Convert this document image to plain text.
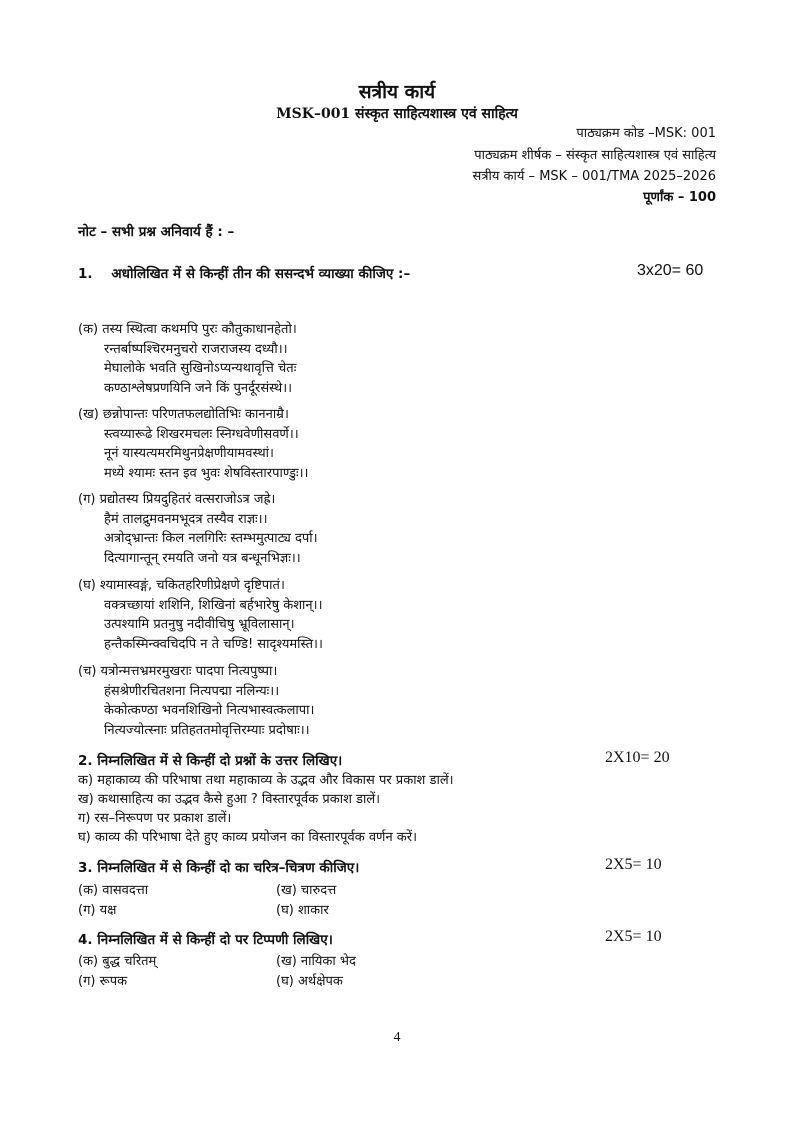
सत्रीय कार्य
MSK–001 संस्कृत साहित्यशास्त्र एवं साहित्य
पाठ्यक्रम कोड –MSK: 001
पाठ्यक्रम शीर्षक – संस्कृत साहित्यशास्त्र एवं साहित्य
सत्रीय कार्य – MSK – 001/TMA 2025–2026
पूर्णांक – 100
नोट – सभी प्रश्न अनिवार्य हैं : –
1. अधोलिखित में से किन्हीं तीन की ससन्दर्भ व्याख्या कीजिए :–	3x20= 60
(क) तस्य स्थित्वा कथमपि पुरः कौतुकाधानहेतो।
रन्तर्बाष्पश्चिरमनुचरो राजराजस्य दध्यौ।।
मेघालोके भवति सुखिनोऽप्यन्यथावृत्ति चेतः
कण्ठाश्लेषप्रणयिनि जने किं पुनर्दूरसंस्थे।।
(ख) छन्नोपान्तः परिणतफलद्योतिभिः काननाम्रै।
स्त्वय्यारूढे शिखरमचलः स्निग्धवेणीसवर्णे।।
नूनं यास्यत्यमरमिथुनप्रेक्षणीयामवस्थां।
मध्ये श्यामः स्तन इव भुवः शेषविस्तारपाण्डुः।।
(ग) प्रद्योतस्य प्रियदुहितरं वत्सराजोऽत्र जह्रे।
हैमं तालद्रुमवनमभूदत्र तस्यैव राज्ञः।।
अत्रोद्भ्रान्तः किल नलगिरिः स्तम्भमुत्पाट्य दर्पा।
दित्यागान्तून् रमयति जनो यत्र बन्धूनभिज्ञः।।
(घ) श्यामास्वङ्गं, चकितहरिणीप्रेक्षणे दृष्टिपातं।
वक्त्रच्छायां शशिनि, शिखिनां बर्हभारेषु केशान्।।
उत्पश्यामि प्रतनुषु नदीवीचिषु भ्रूविलासान्।
हन्तैकस्मिन्क्वचिदपि न ते चण्डि! सादृश्यमस्ति।।
(च) यत्रोन्मत्तभ्रमरमुखराः पादपा नित्यपुष्पा।
हंसश्रेणीरचितशना नित्यपद्मा नलिन्यः।।
केकोत्कण्ठा भवनशिखिनो नित्यभास्वत्कलापा।
नित्यज्योत्स्नाः प्रतिहततमोवृत्तिरम्याः प्रदोषाः।।
2. निम्नलिखित में से किन्हीं दो प्रश्नों के उत्तर लिखिए।	2X10= 20
क) महाकाव्य की परिभाषा तथा महाकाव्य के उद्भव और विकास पर प्रकाश डालें।
ख) कथासाहित्य का उद्भव कैसे हुआ ? विस्तारपूर्वक प्रकाश डालें।
ग) रस–निरूपण पर प्रकाश डालें।
घ) काव्य की परिभाषा देते हुए काव्य प्रयोजन का विस्तारपूर्वक वर्णन करें।
3. निम्नलिखित में से किन्हीं दो का चरित्र–चित्रण कीजिए।	2X5= 10
(क) वासवदत्ता	(ख) चारुदत्त
(ग) यक्ष	(घ) शाकार
4. निम्नलिखित में से किन्हीं दो पर टिप्पणी लिखिए।	2X5= 10
(क) बुद्ध चरितम्	(ख) नायिका भेद
(ग) रूपक	(घ) अर्थक्षेपक
4
